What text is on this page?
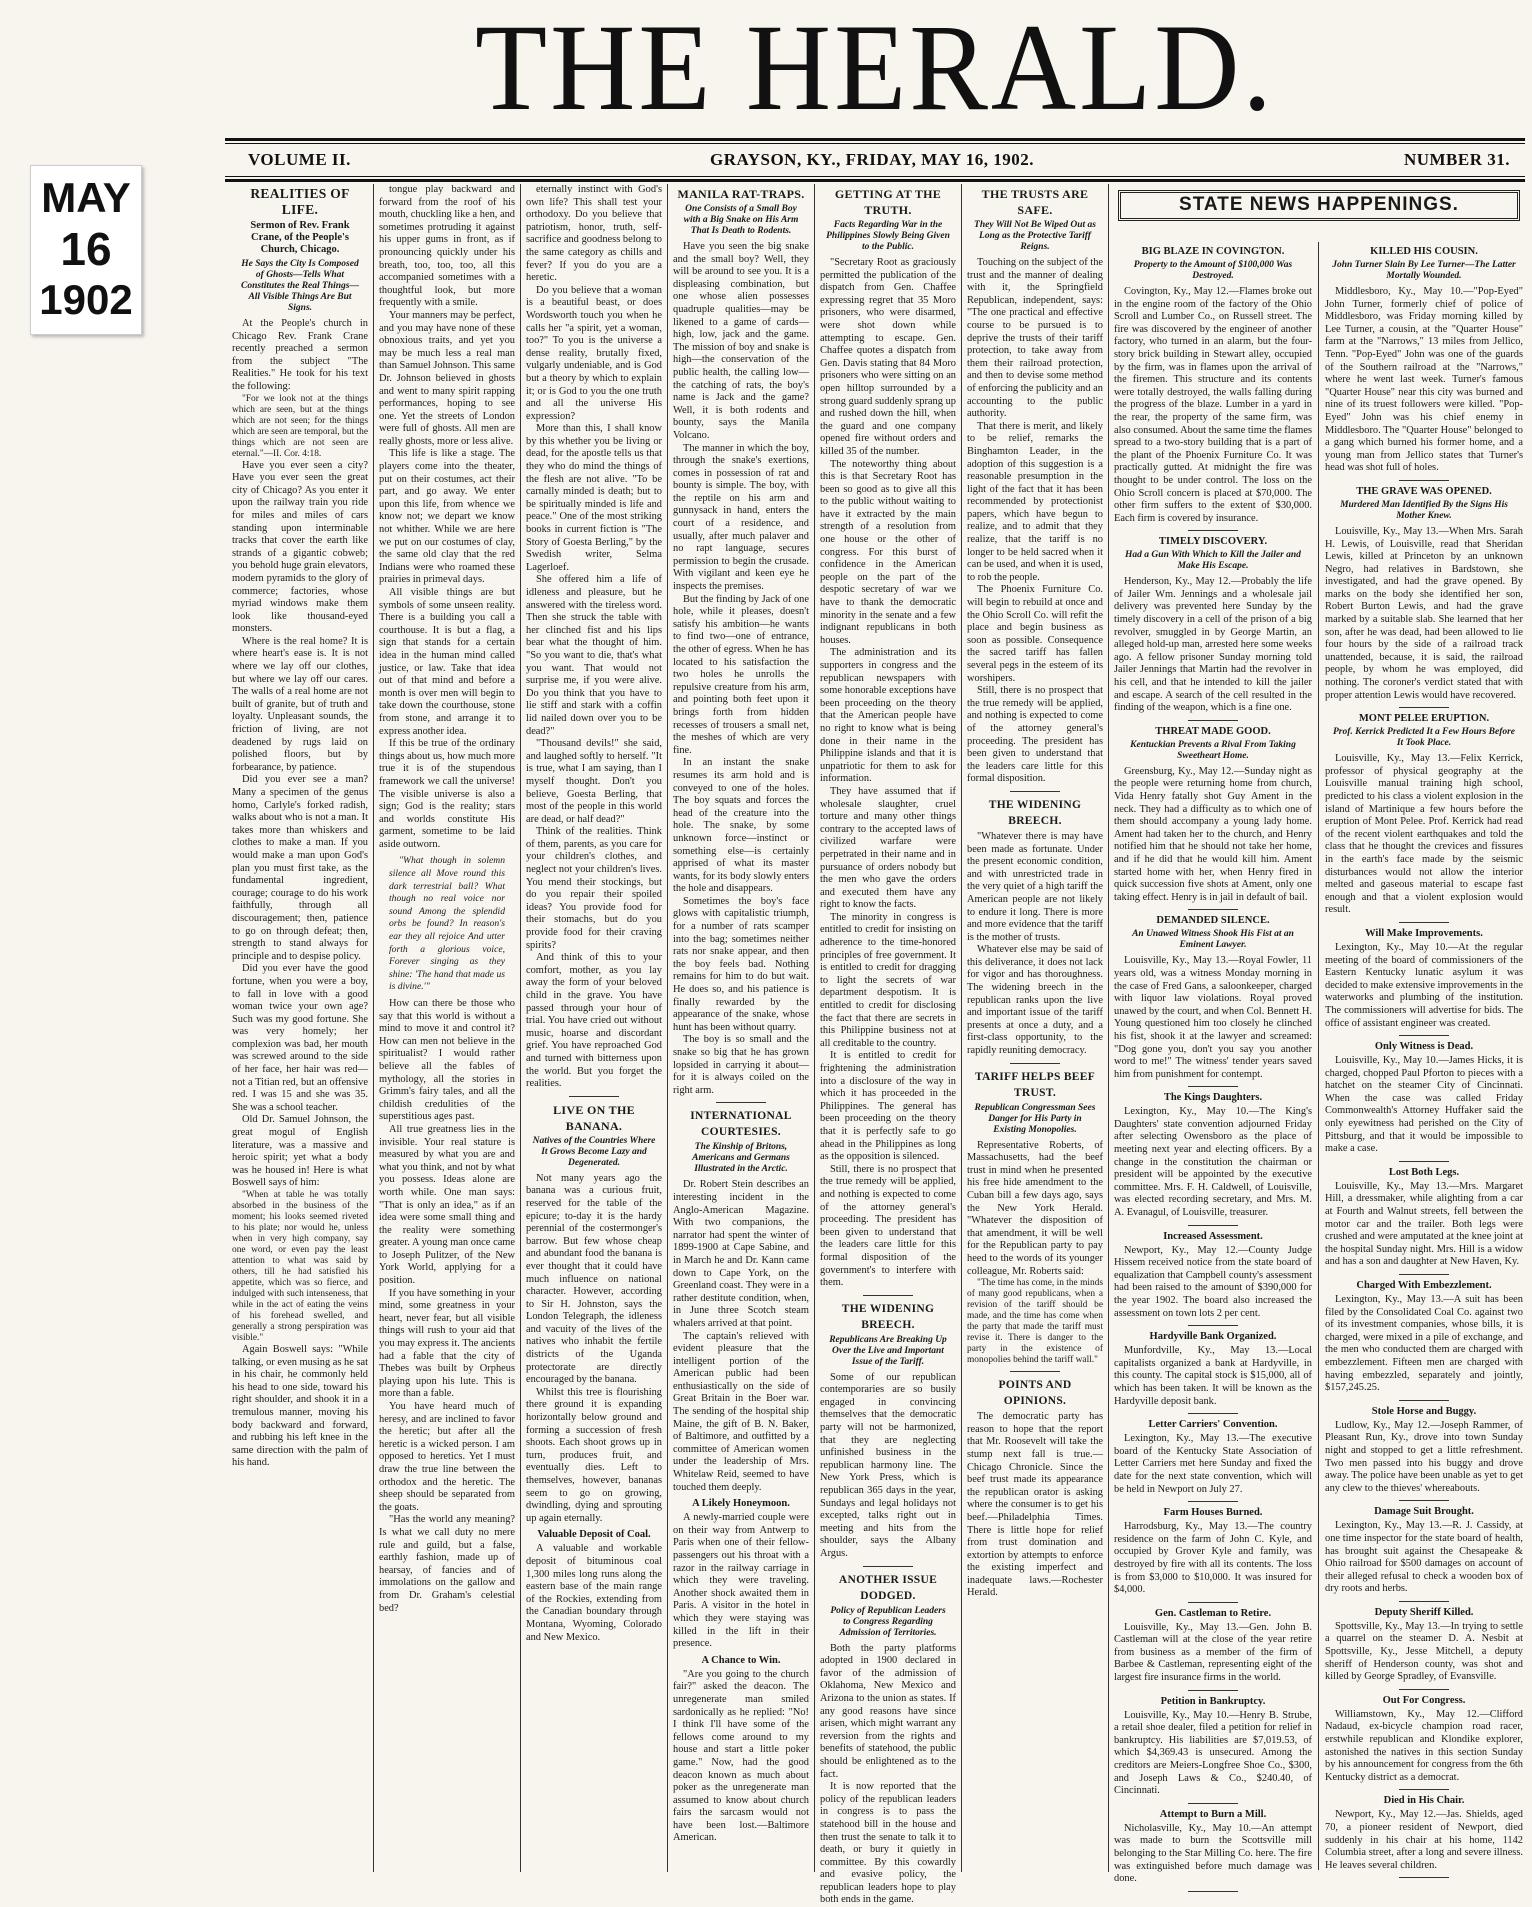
MAY
16
1902
THE HERALD.
VOLUME II.	GRAYSON, KY., FRIDAY, MAY 16, 1902.	NUMBER 31.
REALITIES OF LIFE.
Sermon of Rev. Frank Crane, of the People's Church, Chicago.
He Says the City Is Composed of Ghosts—Tells What Constitutes the Real Things—All Visible Things Are But Signs.

At the People's church in Chicago Rev. Frank Crane recently preached a sermon from the subject "The Realities." He took for his text the following:

"For we look not at the things which are seen, but at the things which are not seen; for the things which are seen are temporal, but the things which are not seen are eternal."—II. Cor. 4:18.

Have you ever seen a city? Have you ever seen the great city of Chicago? As you enter it upon the railway train you ride for miles and miles of cars standing upon interminable tracks that cover the earth like strands of a gigantic cobweb; you behold huge grain elevators, modern pyramids to the glory of commerce; factories, whose myriad windows make them look like thousand-eyed monsters.

Where is the real home? It is where heart's ease is. It is not where we lay off our clothes, but where we lay off our cares. The walls of a real home are not built of granite, but of truth and loyalty. Unpleasant sounds, the friction of living, are not deadened by rugs laid on polished floors, but by forbearance, by patience.

Did you ever see a man? Many a specimen of the genus homo, Carlyle's forked radish, walks about who is not a man. It takes more than whiskers and clothes to make a man. If you would make a man upon God's plan you must first take, as the fundamental ingredient, courage; courage to do his work faithfully, through all discouragement; then, patience to go on through defeat; then, strength to stand always for principle and to despise policy.

Did you ever have the good fortune, when you were a boy, to fall in love with a good woman twice your own age? Such was my good fortune. She was very homely; her complexion was bad, her mouth was screwed around to the side of her face, her hair was red—not a Titian red, but an offensive red. I was 15 and she was 35. She was a school teacher.

Old Dr. Samuel Johnson, the great mogul of English literature, was a massive and heroic spirit; yet what a body was he housed in! Here is what Boswell says of him:

"When at table he was totally absorbed in the business of the moment; his looks seemed riveted to his plate; nor would he, unless when in very high company, say one word, or even pay the least attention to what was said by others, till he had satisfied his appetite, which was so fierce, and indulged with such intenseness, that while in the act of eating the veins of his forehead swelled, and generally a strong perspiration was visible."

Again Boswell says: "While talking, or even musing as he sat in his chair, he commonly held his head to one side, toward his right shoulder, and shook it in a tremulous manner, moving his body backward and forward, and rubbing his left knee in the same direction with the palm of his hand.

tongue play backward and forward from the roof of his mouth, chuckling like a hen, and sometimes protruding it against his upper gums in front, as if pronouncing quickly under his breath, too, too, too, all this accompanied sometimes with a thoughtful look, but more frequently with a smile.

Your manners may be perfect, and you may have none of these obnoxious traits, and yet you may be much less a real man than Samuel Johnson. This same Dr. Johnson believed in ghosts and went to many spirit rapping performances, hoping to see one. Yet the streets of London were full of ghosts. All men are really ghosts, more or less alive.

This life is like a stage. The players come into the theater, put on their costumes, act their part, and go away. We enter upon this life, from whence we know not; we depart we know not whither. While we are here we put on our costumes of clay, the same old clay that the red Indians were who roamed these prairies in primeval days.

All visible things are but symbols of some unseen reality. There is a building you call a courthouse. It is but a flag, a sign that stands for a certain idea in the human mind called justice, or law. Take that idea out of that mind and before a month is over men will begin to take down the courthouse, stone from stone, and arrange it to express another idea.

If this be true of the ordinary things about us, how much more true it is of the stupendous framework we call the universe! The visible universe is also a sign; God is the reality; stars and worlds constitute His garment, sometime to be laid aside outworn.

"What though in solemn silence all Move round this dark terrestrial ball? What though no real voice nor sound Among the splendid orbs be found? In reason's ear they all rejoice And utter forth a glorious voice, Forever singing as they shine: 'The hand that made us is divine.'"

How can there be those who say that this world is without a mind to move it and control it? How can men not believe in the spiritualist? I would rather believe all the fables of mythology, all the stories in Grimm's fairy tales, and all the childish credulities of the superstitious ages past.

All true greatness lies in the invisible. Your real stature is measured by what you are and what you think, and not by what you possess. Ideas alone are worth while. One man says: "That is only an idea," as if an idea were some small thing and the reality were something greater. A young man once came to Joseph Pulitzer, of the New York World, applying for a position.

If you have something in your mind, some greatness in your heart, never fear, but all visible things will rush to your aid that you may express it. The ancients had a fable that the city of Thebes was built by Orpheus playing upon his lute. This is more than a fable.

You have heard much of heresy, and are inclined to favor the heretic; but after all the heretic is a wicked person. I am opposed to heretics. Yet I must draw the true line between the orthodox and the heretic. The sheep should be separated from the goats.

"Has the world any meaning? Is what we call duty no mere rule and guild, but a false, earthly fashion, made up of hearsay, of fancies and of immolations on the gallow and from Dr. Graham's celestial bed?

eternally instinct with God's own life? This shall test your orthodoxy. Do you believe that patriotism, honor, truth, self-sacrifice and goodness belong to the same category as chills and fever? If you do you are a heretic.

Do you believe that a woman is a beautiful beast, or does Wordsworth touch you when he calls her "a spirit, yet a woman, too?" To you is the universe a dense reality, brutally fixed, vulgarly undeniable, and is God but a theory by which to explain it; or is God to you the one truth and all the universe His expression?

More than this, I shall know by this whether you be living or dead, for the apostle tells us that they who do mind the things of the flesh are not alive. "To be carnally minded is death; but to be spiritually minded is life and peace." One of the most striking books in current fiction is "The Story of Goesta Berling," by the Swedish writer, Selma Lagerloef.

She offered him a life of idleness and pleasure, but he answered with the tireless word. Then she struck the table with her clinched fist and his lips bear what the thought of him. "So you want to die, that's what you want. That would not surprise me, if you were alive. Do you think that you have to lie stiff and stark with a coffin lid nailed down over you to be dead?"

"Thousand devils!" she said, and laughed softly to herself. "It is true, what I am saying, than I myself thought. Don't you believe, Goesta Berling, that most of the people in this world are dead, or half dead?"

Think of the realities. Think of them, parents, as you care for your children's clothes, and neglect not your children's lives. You mend their stockings, but do you repair their spoiled ideas? You provide food for their stomachs, but do you provide food for their craving spirits?

And think of this to your comfort, mother, as you lay away the form of your beloved child in the grave. You have passed through your hour of trial. You have cried out without music, hoarse and discordant grief. You have reproached God and turned with bitterness upon the world. But you forget the realities.

LIVE ON THE BANANA.
Natives of the Countries Where It Grows Become Lazy and Degenerated.

Not many years ago the banana was a curious fruit, reserved for the table of the epicure; to-day it is the hardy perennial of the costermonger's barrow. But few whose cheap and abundant food the banana is ever thought that it could have much influence on national character. However, according to Sir H. Johnston, says the London Telegraph, the idleness and vacuity of the lives of the natives who inhabit the fertile districts of the Uganda protectorate are directly encouraged by the banana.

Whilst this tree is flourishing there ground it is expanding horizontally below ground and forming a succession of fresh shoots. Each shoot grows up in turn, produces fruit, and eventually dies. Left to themselves, however, bananas seem to go on growing, dwindling, dying and sprouting up again eternally.

Valuable Deposit of Coal.

A valuable and workable deposit of bituminous coal 1,300 miles long runs along the eastern base of the main range of the Rockies, extending from the Canadian boundary through Montana, Wyoming, Colorado and New Mexico.

MANILA RAT-TRAPS.
One Consists of a Small Boy with a Big Snake on His Arm That Is Death to Rodents.

Have you seen the big snake and the small boy? Well, they will be around to see you. It is a displeasing combination, but one whose alien possesses quadruple qualities—may be likened to a game of cards—high, low, jack and the game. The mission of boy and snake is high—the conservation of the public health, the calling low—the catching of rats, the boy's name is Jack and the game? Well, it is both rodents and bounty, says the Manila Volcano.

The manner in which the boy, through the snake's exertions, comes in possession of rat and bounty is simple. The boy, with the reptile on his arm and gunnysack in hand, enters the court of a residence, and usually, after much palaver and no rapt language, secures permission to begin the crusade. With vigilant and keen eye he inspects the premises.

But the finding by Jack of one hole, while it pleases, doesn't satisfy his ambition—he wants to find two—one of entrance, the other of egress. When he has located to his satisfaction the two holes he unrolls the repulsive creature from his arm, and pointing both feet upon it brings forth from hidden recesses of trousers a small net, the meshes of which are very fine.

In an instant the snake resumes its arm hold and is conveyed to one of the holes. The boy squats and forces the head of the creature into the hole. The snake, by some unknown force—instinct or something else—is certainly apprised of what its master wants, for its body slowly enters the hole and disappears.

Sometimes the boy's face glows with capitalistic triumph, for a number of rats scamper into the bag; sometimes neither rats nor snake appear, and then the boy feels bad. Nothing remains for him to do but wait. He does so, and his patience is finally rewarded by the appearance of the snake, whose hunt has been without quarry.

The boy is so small and the snake so big that he has grown lopsided in carrying it about—for it is always coiled on the right arm.

INTERNATIONAL COURTESIES.
The Kinship of Britons, Americans and Germans Illustrated in the Arctic.

Dr. Robert Stein describes an interesting incident in the Anglo-American Magazine. With two companions, the narrator had spent the winter of 1899-1900 at Cape Sabine, and in March he and Dr. Kann came down to Cape York, on the Greenland coast. They were in a rather destitute condition, when, in June three Scotch steam whalers arrived at that point.

The captain's relieved with evident pleasure that the intelligent portion of the American public had been enthusiastically on the side of Great Britain in the Boer war. The sending of the hospital ship Maine, the gift of B. N. Baker, of Baltimore, and outfitted by a committee of American women under the leadership of Mrs. Whitelaw Reid, seemed to have touched them deeply.

A Likely Honeymoon.

A newly-married couple were on their way from Antwerp to Paris when one of their fellow-passengers out his throat with a razor in the railway carriage in which they were traveling. Another shock awaited them in Paris. A visitor in the hotel in which they were staying was killed in the lift in their presence.

A Chance to Win.

"Are you going to the church fair?" asked the deacon. The unregenerate man smiled sardonically as he replied: "No! I think I'll have some of the fellows come around to my house and start a little poker game." Now, had the good deacon known as much about poker as the unregenerate man assumed to know about church fairs the sarcasm would not have been lost.—Baltimore American.

GETTING AT THE TRUTH.
Facts Regarding War in the Philippines Slowly Being Given to the Public.

"Secretary Root as graciously permitted the publication of the dispatch from Gen. Chaffee expressing regret that 35 Moro prisoners, who were disarmed, were shot down while attempting to escape. Gen. Chaffee quotes a dispatch from Gen. Davis stating that 84 Moro prisoners who were sitting on an open hilltop surrounded by a strong guard suddenly sprang up and rushed down the hill, when the guard and one company opened fire without orders and killed 35 of the number.

The noteworthy thing about this is that Secretary Root has been so good as to give all this to the public without waiting to have it extracted by the main strength of a resolution from one house or the other of congress. For this burst of confidence in the American people on the part of the despotic secretary of war we have to thank the democratic minority in the senate and a few indignant republicans in both houses.

The administration and its supporters in congress and the republican newspapers with some honorable exceptions have been proceeding on the theory that the American people have no right to know what is being done in their name in the Philippine islands and that it is unpatriotic for them to ask for information.

They have assumed that if wholesale slaughter, cruel torture and many other things contrary to the accepted laws of civilized warfare were perpetrated in their name and in pursuance of orders nobody but the men who gave the orders and executed them have any right to know the facts.

The minority in congress is entitled to credit for insisting on adherence to the time-honored principles of free government. It is entitled to credit for dragging to light the secrets of war department despotism. It is entitled to credit for disclosing the fact that there are secrets in this Philippine business not at all creditable to the country.

It is entitled to credit for frightening the administration into a disclosure of the way in which it has proceeded in the Philippines. The general has been proceeding on the theory that it is perfectly safe to go ahead in the Philippines as long as the opposition is silenced.

Still, there is no prospect that the true remedy will be applied, and nothing is expected to come of the attorney general's proceeding. The president has been given to understand that the leaders care little for this formal disposition of the government's to interfere with them.

THE WIDENING BREECH.
Republicans Are Breaking Up Over the Live and Important Issue of the Tariff.

Some of our republican contemporaries are so busily engaged in convincing themselves that the democratic party will not be harmonized, that they are neglecting unfinished business in the republican harmony line. The New York Press, which is republican 365 days in the year, Sundays and legal holidays not excepted, talks right out in meeting and hits from the shoulder, says the Albany Argus.

ANOTHER ISSUE DODGED.
Policy of Republican Leaders to Congress Regarding Admission of Territories.

Both the party platforms adopted in 1900 declared in favor of the admission of Oklahoma, New Mexico and Arizona to the union as states. If any good reasons have since arisen, which might warrant any reversion from the rights and benefits of statehood, the public should be enlightened as to the fact.

It is now reported that the policy of the republican leaders in congress is to pass the statehood bill in the house and then trust the senate to talk it to death, or bury it quietly in committee. By this cowardly and evasive policy, the republican leaders hope to play both ends in the game.

THE TRUSTS ARE SAFE.
They Will Not Be Wiped Out as Long as the Protective Tariff Reigns.

Touching on the subject of the trust and the manner of dealing with it, the Springfield Republican, independent, says: "The one practical and effective course to be pursued is to deprive the trusts of their tariff protection, to take away from them their railroad protection, and then to devise some method of enforcing the publicity and an accounting to the public authority.

That there is merit, and likely to be relief, remarks the Binghamton Leader, in the adoption of this suggestion is a reasonable presumption in the light of the fact that it has been recommended by protectionist papers, which have begun to realize, and to admit that they realize, that the tariff is no longer to be held sacred when it can be used, and when it is used, to rob the people.

The Phoenix Furniture Co. will begin to rebuild at once and the Ohio Scroll Co. will refit the place and begin business as soon as possible. Consequence the sacred tariff has fallen several pegs in the esteem of its worshipers.

Still, there is no prospect that the true remedy will be applied, and nothing is expected to come of the attorney general's proceeding. The president has been given to understand that the leaders care little for this formal disposition.

THE WIDENING BREECH.

"Whatever there is may have been made as fortunate. Under the present economic condition, and with unrestricted trade in the very quiet of a high tariff the American people are not likely to endure it long. There is more and more evidence that the tariff is the mother of trusts.

Whatever else may be said of this deliverance, it does not lack for vigor and has thoroughness. The widening breech in the republican ranks upon the live and important issue of the tariff presents at once a duty, and a first-class opportunity, to the rapidly reuniting democracy.

TARIFF HELPS BEEF TRUST.
Republican Congressman Sees Danger for His Party in Existing Monopolies.

Representative Roberts, of Massachusetts, had the beef trust in mind when he presented his free hide amendment to the Cuban bill a few days ago, says the New York Herald. "Whatever the disposition of that amendment, it will be well for the Republican party to pay heed to the words of its younger colleague, Mr. Roberts said:

"The time has come, in the minds of many good republicans, when a revision of the tariff should be made, and the time has come when the party that made the tariff must revise it. There is danger to the party in the existence of monopolies behind the tariff wall."

POINTS AND OPINIONS.

The democratic party has reason to hope that the report that Mr. Roosevelt will take the stump next fall is true.—Chicago Chronicle. Since the beef trust made its appearance the republican orator is asking where the consumer is to get his beef.—Philadelphia Times. There is little hope for relief from trust domination and extortion by attempts to enforce the existing imperfect and inadequate laws.—Rochester Herald.

STATE NEWS HAPPENINGS.
BIG BLAZE IN COVINGTON.
Property to the Amount of $100,000 Was Destroyed.

Covington, Ky., May 12.—Flames broke out in the engine room of the factory of the Ohio Scroll and Lumber Co., on Russell street. The fire was discovered by the engineer of another factory, who turned in an alarm, but the four-story brick building in Stewart alley, occupied by the firm, was in flames upon the arrival of the firemen. This structure and its contents were totally destroyed, the walls falling during the progress of the blaze. Lumber in a yard in the rear, the property of the same firm, was also consumed. About the same time the flames spread to a two-story building that is a part of the plant of the Phoenix Furniture Co. It was practically gutted. At midnight the fire was thought to be under control. The loss on the Ohio Scroll concern is placed at $70,000. The other firm suffers to the extent of $30,000. Each firm is covered by insurance.

TIMELY DISCOVERY.
Had a Gun With Which to Kill the Jailer and Make His Escape.

Henderson, Ky., May 12.—Probably the life of Jailer Wm. Jennings and a wholesale jail delivery was prevented here Sunday by the timely discovery in a cell of the prison of a big revolver, smuggled in by George Martin, an alleged hold-up man, arrested here some weeks ago. A fellow prisoner Sunday morning told Jailer Jennings that Martin had the revolver in his cell, and that he intended to kill the jailer and escape. A search of the cell resulted in the finding of the weapon, which is a fine one.

THREAT MADE GOOD.
Kentuckian Prevents a Rival From Taking Sweetheart Home.

Greensburg, Ky., May 12.—Sunday night as the people were returning home from church, Vida Henry fatally shot Guy Ament in the neck. They had a difficulty as to which one of them should accompany a young lady home. Ament had taken her to the church, and Henry notified him that he should not take her home, and if he did that he would kill him. Ament started home with her, when Henry fired in quick succession five shots at Ament, only one taking effect. Henry is in jail in default of bail.

DEMANDED SILENCE.
An Unawed Witness Shook His Fist at an Eminent Lawyer.

Louisville, Ky., May 13.—Royal Fowler, 11 years old, was a witness Monday morning in the case of Fred Gans, a saloonkeeper, charged with liquor law violations. Royal proved unawed by the court, and when Col. Bennett H. Young questioned him too closely he clinched his fist, shook it at the lawyer and screamed: "Dog gone you, don't you say you another word to me!" The witness' tender years saved him from punishment for contempt.

The Kings Daughters.

Lexington, Ky., May 10.—The King's Daughters' state convention adjourned Friday after selecting Owensboro as the place of meeting next year and electing officers. By a change in the constitution the chairman or president will be appointed by the executive committee. Mrs. F. H. Caldwell, of Louisville, was elected recording secretary, and Mrs. M. A. Evanagul, of Louisville, treasurer.

Increased Assessment.

Newport, Ky., May 12.—County Judge Hissem received notice from the state board of equalization that Campbell county's assessment had been raised to the amount of $390,000 for the year 1902. The board also increased the assessment on town lots 2 per cent.

Hardyville Bank Organized.

Munfordville, Ky., May 13.—Local capitalists organized a bank at Hardyville, in this county. The capital stock is $15,000, all of which has been taken. It will be known as the Hardyville deposit bank.

Letter Carriers' Convention.

Lexington, Ky., May 13.—The executive board of the Kentucky State Association of Letter Carriers met here Sunday and fixed the date for the next state convention, which will be held in Newport on July 27.

Farm Houses Burned.

Harrodsburg, Ky., May 13.—The country residence on the farm of John C. Kyle, and occupied by Grover Kyle and family, was destroyed by fire with all its contents. The loss is from $3,000 to $10,000. It was insured for $4,000.

Gen. Castleman to Retire.

Louisville, Ky., May 13.—Gen. John B. Castleman will at the close of the year retire from business as a member of the firm of Barbee & Castleman, representing eight of the largest fire insurance firms in the world.

Petition in Bankruptcy.

Louisville, Ky., May 10.—Henry B. Strube, a retail shoe dealer, filed a petition for relief in bankruptcy. His liabilities are $7,019.53, of which $4,369.43 is unsecured. Among the creditors are Meiers-Longfree Shoe Co., $300, and Joseph Laws & Co., $240.40, of Cincinnati.

Attempt to Burn a Mill.

Nicholasville, Ky., May 10.—An attempt was made to burn the Scottsville mill belonging to the Star Milling Co. here. The fire was extinguished before much damage was done.

KILLED HIS COUSIN.
John Turner Slain By Lee Turner—The Latter Mortally Wounded.

Middlesboro, Ky., May 10.—"Pop-Eyed" John Turner, formerly chief of police of Middlesboro, was Friday morning killed by Lee Turner, a cousin, at the "Quarter House" farm at the "Narrows," 13 miles from Jellico, Tenn. "Pop-Eyed" John was one of the guards of the Southern railroad at the "Narrows," where he went last week. Turner's famous "Quarter House" near this city was burned and nine of its truest followers were killed. "Pop-Eyed" John was his chief enemy in Middlesboro. The "Quarter House" belonged to a gang which burned his former home, and a young man from Jellico states that Turner's head was shot full of holes.

THE GRAVE WAS OPENED.
Murdered Man Identified By the Signs His Mother Knew.

Louisville, Ky., May 13.—When Mrs. Sarah H. Lewis, of Louisville, read that Sheridan Lewis, killed at Princeton by an unknown Negro, had relatives in Bardstown, she investigated, and had the grave opened. By marks on the body she identified her son, Robert Burton Lewis, and had the grave marked by a suitable slab. She learned that her son, after he was dead, had been allowed to lie four hours by the side of a railroad track unattended, because, it is said, the railroad people, by whom he was employed, did nothing. The coroner's verdict stated that with proper attention Lewis would have recovered.

MONT PELEE ERUPTION.
Prof. Kerrick Predicted It a Few Hours Before It Took Place.

Louisville, Ky., May 13.—Felix Kerrick, professor of physical geography at the Louisville manual training high school, predicted to his class a violent explosion in the island of Martinique a few hours before the eruption of Mont Pelee. Prof. Kerrick had read of the recent violent earthquakes and told the class that he thought the crevices and fissures in the earth's face made by the seismic disturbances would not allow the interior melted and gaseous material to escape fast enough and that a violent explosion would result.

Will Make Improvements.

Lexington, Ky., May 10.—At the regular meeting of the board of commissioners of the Eastern Kentucky lunatic asylum it was decided to make extensive improvements in the waterworks and plumbing of the institution. The commissioners will advertise for bids. The office of assistant engineer was created.

Only Witness is Dead.

Louisville, Ky., May 10.—James Hicks, it is charged, chopped Paul Pforton to pieces with a hatchet on the steamer City of Cincinnati. When the case was called Friday Commonwealth's Attorney Huffaker said the only eyewitness had perished on the City of Pittsburg, and that it would be impossible to make a case.

Lost Both Legs.

Louisville, Ky., May 13.—Mrs. Margaret Hill, a dressmaker, while alighting from a car at Fourth and Walnut streets, fell between the motor car and the trailer. Both legs were crushed and were amputated at the knee joint at the hospital Sunday night. Mrs. Hill is a widow and has a son and daughter at New Haven, Ky.

Charged With Embezzlement.

Lexington, Ky., May 13.—A suit has been filed by the Consolidated Coal Co. against two of its investment companies, whose bills, it is charged, were mixed in a pile of exchange, and the men who conducted them are charged with embezzlement. Fifteen men are charged with having embezzled, separately and jointly, $157,245.25.

Stole Horse and Buggy.

Ludlow, Ky., May 12.—Joseph Rammer, of Pleasant Run, Ky., drove into town Sunday night and stopped to get a little refreshment. Two men passed into his buggy and drove away. The police have been unable as yet to get any clew to the thieves' whereabouts.

Damage Suit Brought.

Lexington, Ky., May 13.—R. J. Cassidy, at one time inspector for the state board of health, has brought suit against the Chesapeake & Ohio railroad for $500 damages on account of their alleged refusal to check a wooden box of dry roots and herbs.

Deputy Sheriff Killed.

Spottsville, Ky., May 13.—In trying to settle a quarrel on the steamer D. A. Nesbit at Spottsville, Ky., Jesse Mitchell, a deputy sheriff of Henderson county, was shot and killed by George Spradley, of Evansville.

Out For Congress.

Williamstown, Ky., May 12.—Clifford Nadaud, ex-bicycle champion road racer, erstwhile republican and Klondike explorer, astonished the natives in this section Sunday by his announcement for congress from the 6th Kentucky district as a democrat.

Died in His Chair.

Newport, Ky., May 12.—Jas. Shields, aged 70, a pioneer resident of Newport, died suddenly in his chair at his home, 1142 Columbia street, after a long and severe illness. He leaves several children.
